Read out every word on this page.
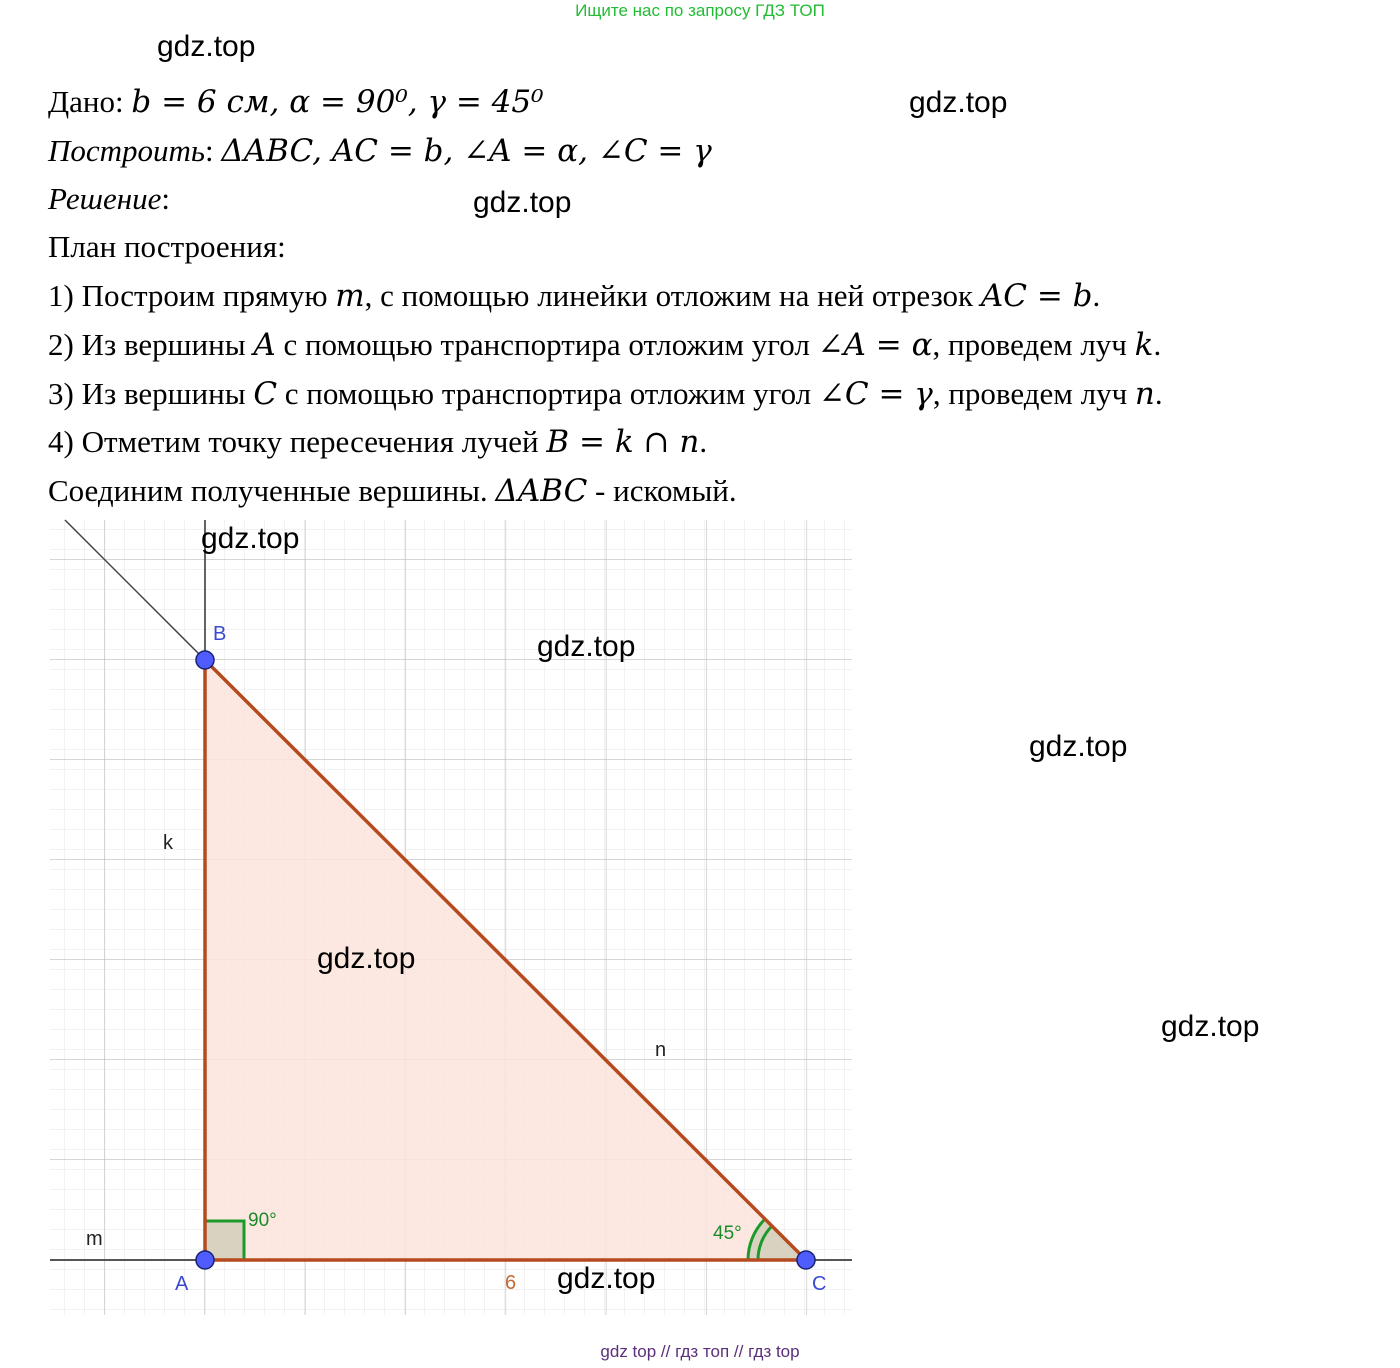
Ищите нас по запросу ГДЗ ТОП
gdz.top
gdz.top
gdz.top
Дано: b = 6 см, α = 90⁰, γ = 45⁰
Построить: ΔABC, AC = b, ∠A = α, ∠C = γ
Решение:
План построения:
1) Построим прямую m, с помощью линейки отложим на ней отрезок AC = b.
2) Из вершины A с помощью транспортира отложим угол ∠A = α, проведем луч k.
3) Из вершины C с помощью транспортира отложим угол ∠C = γ, проведем луч n.
4) Отметим точку пересечения лучей B = k ∩ n.
Соединим полученные вершины. ΔABC - искомый.
B
A	C
m
k
n
6
90°
45°
gdz.top
gdz.top
gdz.top
gdz.top
gdz.top
gdz.top
gdz top // гдз топ // гдз top
